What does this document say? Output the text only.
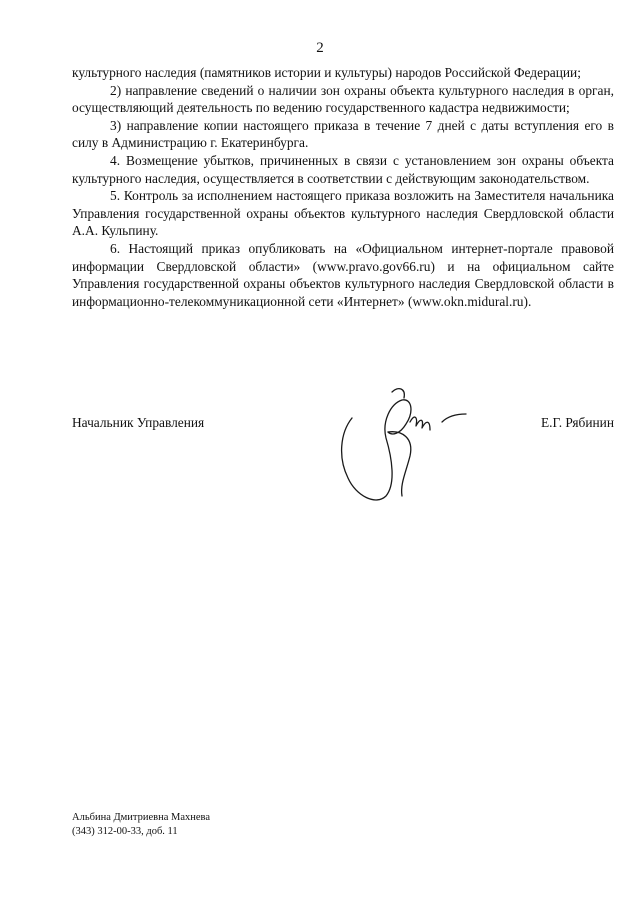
2

культурного наследия (памятников истории и культуры) народов Российской Федерации;

2) направление сведений о наличии зон охраны объекта культурного наследия в орган, осуществляющий деятельность по ведению государственного кадастра недвижимости;

3) направление копии настоящего приказа в течение 7 дней с даты вступления его в силу в Администрацию г. Екатеринбурга.

4. Возмещение убытков, причиненных в связи с установлением зон охраны объекта культурного наследия, осуществляется в соответствии с действующим законодательством.

5. Контроль за исполнением настоящего приказа возложить на Заместителя начальника Управления государственной охраны объектов культурного наследия Свердловской области А.А. Кульпину.

6. Настоящий приказ опубликовать на «Официальном интернет-портале правовой информации Свердловской области» (www.pravo.gov66.ru) и на официальном сайте Управления государственной охраны объектов культурного наследия Свердловской области в информационно-телекоммуникационной сети «Интернет» (www.okn.midural.ru).

Начальник Управления	Е.Г. Рябинин
Альбина Дмитриевна Махнева
(343) 312-00-33, доб. 11
